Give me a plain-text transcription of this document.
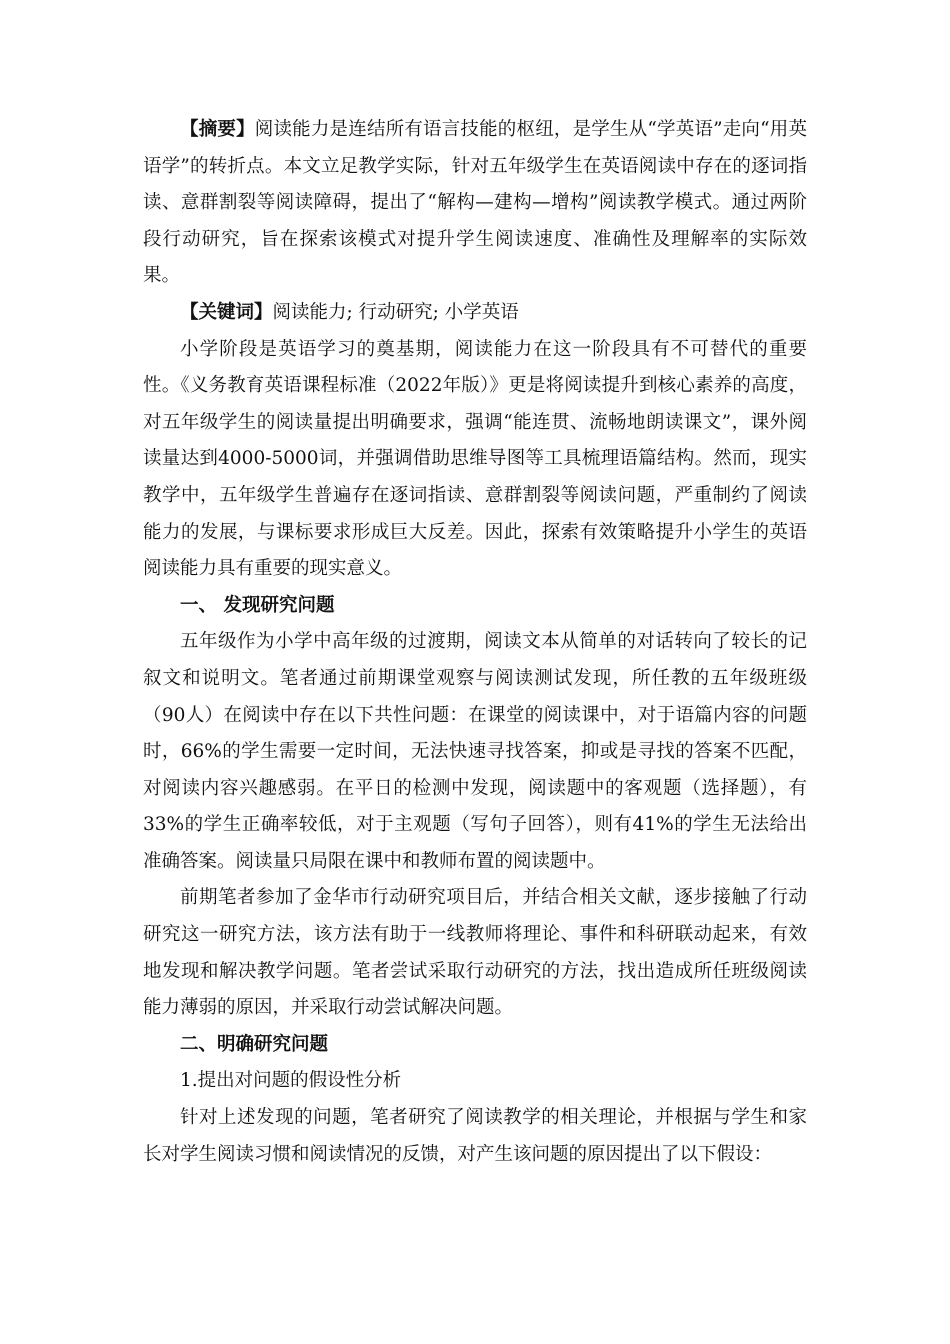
【摘要】阅读能力是连结所有语言技能的枢纽，是学生从“学英语”走向“用英语学”的转折点。本文立足教学实际，针对五年级学生在英语阅读中存在的逐词指读、意群割裂等阅读障碍，提出了“解构—建构—增构”阅读教学模式。通过两阶段行动研究，旨在探索该模式对提升学生阅读速度、准确性及理解率的实际效果。

【关键词】阅读能力; 行动研究; 小学英语

小学阶段是英语学习的奠基期，阅读能力在这一阶段具有不可替代的重要性。《义务教育英语课程标准（2022年版）》更是将阅读提升到核心素养的高度，对五年级学生的阅读量提出明确要求，强调“能连贯、流畅地朗读课文”，课外阅读量达到4000-5000词，并强调借助思维导图等工具梳理语篇结构。然而，现实教学中，五年级学生普遍存在逐词指读、意群割裂等阅读问题，严重制约了阅读能力的发展，与课标要求形成巨大反差。因此，探索有效策略提升小学生的英语阅读能力具有重要的现实意义。

一、 发现研究问题

五年级作为小学中高年级的过渡期，阅读文本从简单的对话转向了较长的记叙文和说明文。笔者通过前期课堂观察与阅读测试发现，所任教的五年级班级（90人）在阅读中存在以下共性问题：在课堂的阅读课中，对于语篇内容的问题时，66%的学生需要一定时间，无法快速寻找答案，抑或是寻找的答案不匹配，对阅读内容兴趣感弱。在平日的检测中发现，阅读题中的客观题（选择题），有33%的学生正确率较低，对于主观题（写句子回答），则有41%的学生无法给出准确答案。阅读量只局限在课中和教师布置的阅读题中。

前期笔者参加了金华市行动研究项目后，并结合相关文献，逐步接触了行动研究这一研究方法，该方法有助于一线教师将理论、事件和科研联动起来，有效地发现和解决教学问题。笔者尝试采取行动研究的方法，找出造成所任班级阅读能力薄弱的原因，并采取行动尝试解决问题。

二、明确研究问题

1.提出对问题的假设性分析

针对上述发现的问题，笔者研究了阅读教学的相关理论，并根据与学生和家长对学生阅读习惯和阅读情况的反馈，对产生该问题的原因提出了以下假设：
